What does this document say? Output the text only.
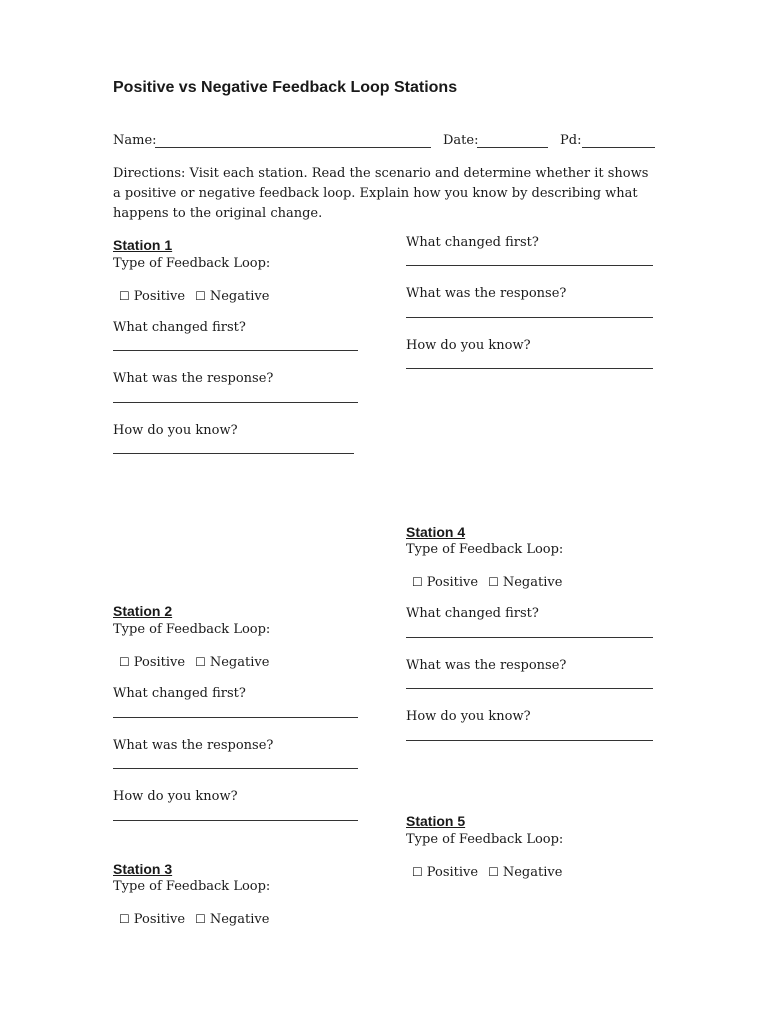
Positive vs Negative Feedback Loop Stations
Name:	Date:	Pd:
Directions: Visit each station. Read the scenario and determine whether it shows a positive or negative feedback loop. Explain how you know by describing what happens to the original change.
Station 1
Type of Feedback Loop:
☐ Positive ☐ Negative
What changed first?
What was the response?
How do you know?
What changed first?
What was the response?
How do you know?
Station 4
Type of Feedback Loop:
☐ Positive ☐ Negative
What changed first?
What was the response?
How do you know?
Station 2
Type of Feedback Loop:
☐ Positive ☐ Negative
What changed first?
What was the response?
How do you know?
Station 5
Type of Feedback Loop:
☐ Positive ☐ Negative
Station 3
Type of Feedback Loop:
☐ Positive ☐ Negative
